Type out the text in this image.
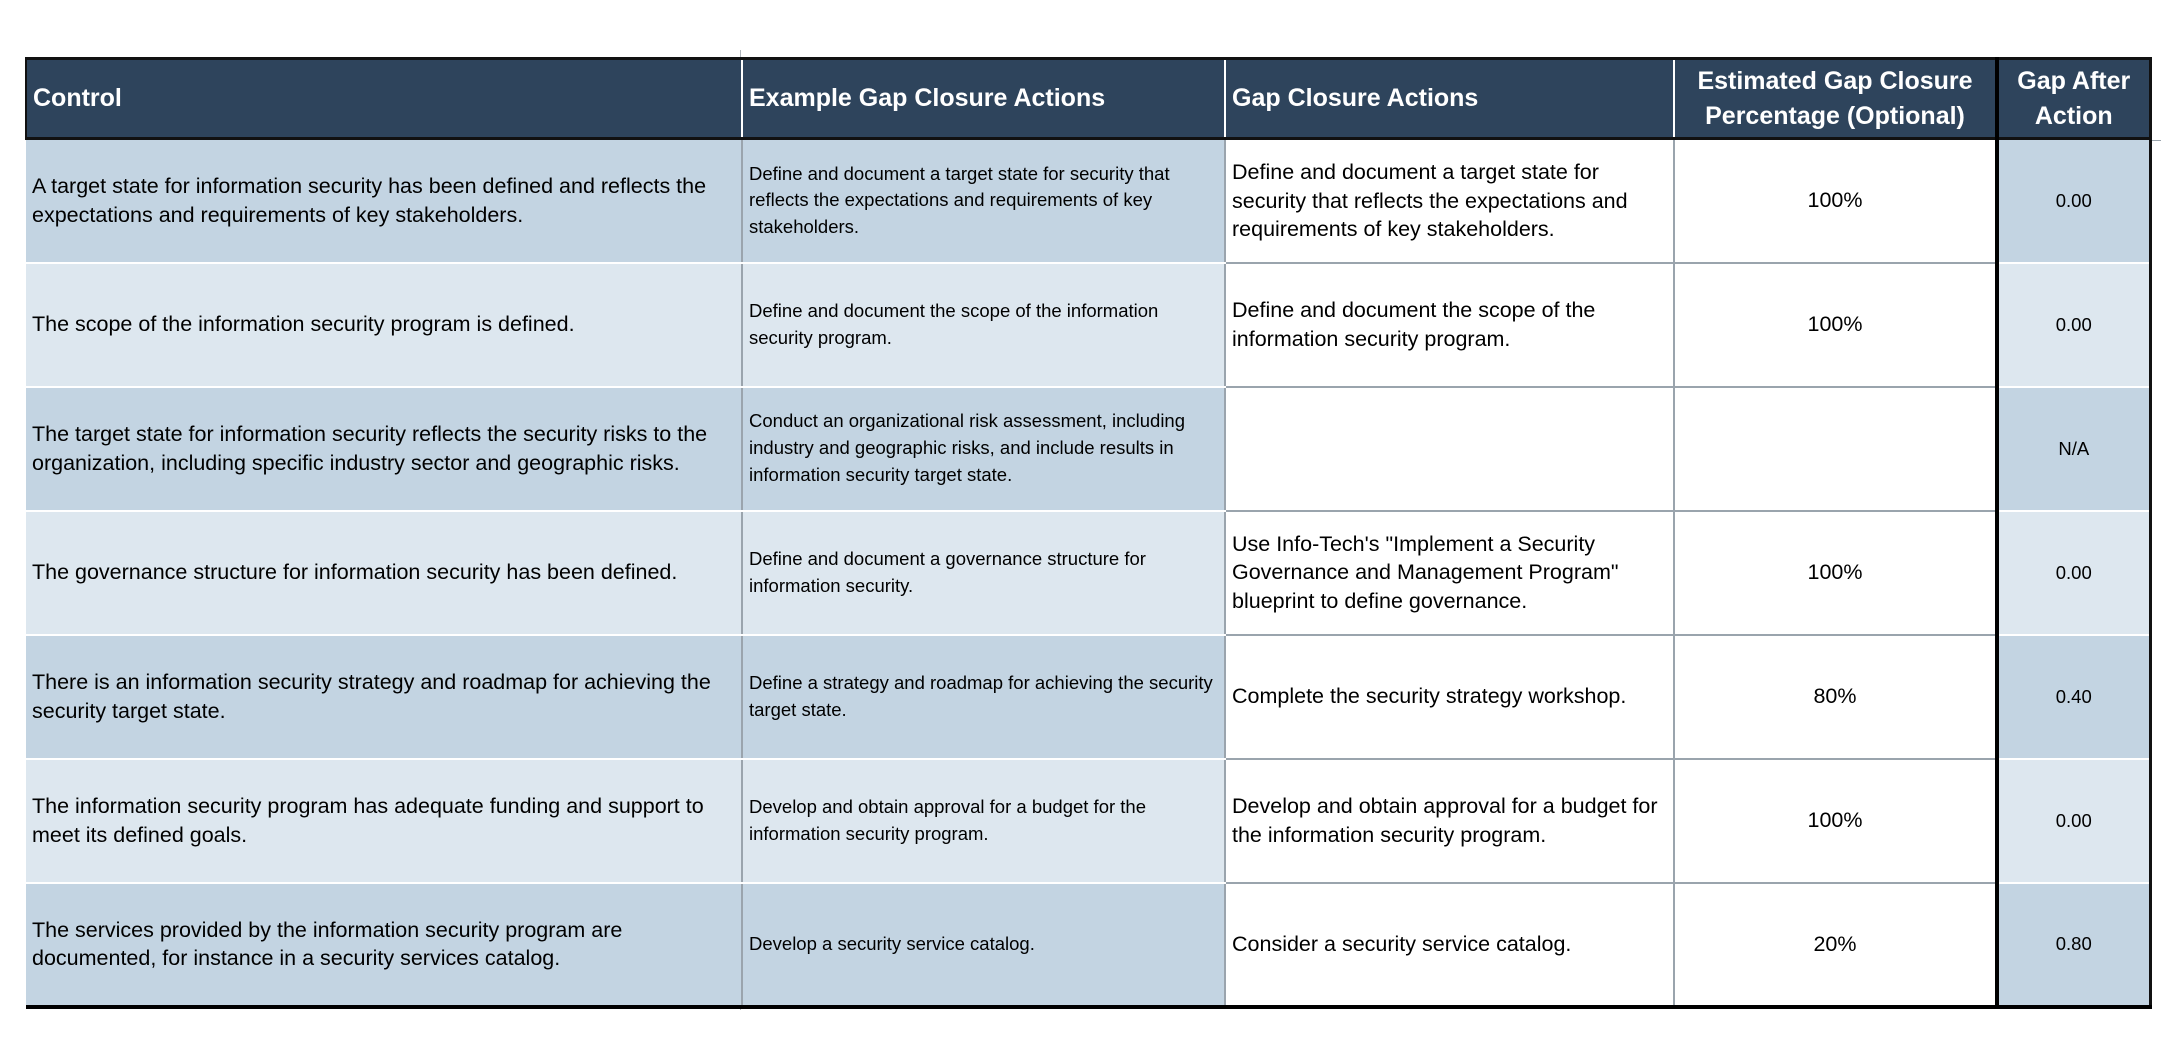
Control	Example Gap Closure Actions	Gap Closure Actions	Estimated Gap Closure Percentage (Optional)	Gap After Action
A target state for information security has been defined and reflects the expectations and requirements of key stakeholders.	Define and document a target state for security that reflects the expectations and requirements of key stakeholders.	Define and document a target state for security that reflects the expectations and requirements of key stakeholders.	100%	0.00
The scope of the information security program is defined.	Define and document the scope of the information security program.	Define and document the scope of the information security program.	100%	0.00
The target state for information security reflects the security risks to the organization, including specific industry sector and geographic risks.	Conduct an organizational risk assessment, including industry and geographic risks, and include results in information security target state.			N/A
The governance structure for information security has been defined.	Define and document a governance structure for information security.	Use Info-Tech's "Implement a Security Governance and Management Program" blueprint to define governance.	100%	0.00
There is an information security strategy and roadmap for achieving the security target state.	Define a strategy and roadmap for achieving the security target state.	Complete the security strategy workshop.	80%	0.40
The information security program has adequate funding and support to meet its defined goals.	Develop and obtain approval for a budget for the information security program.	Develop and obtain approval for a budget for the information security program.	100%	0.00
The services provided by the information security program are documented, for instance in a security services catalog.	Develop a security service catalog.	Consider a security service catalog.	20%	0.80
